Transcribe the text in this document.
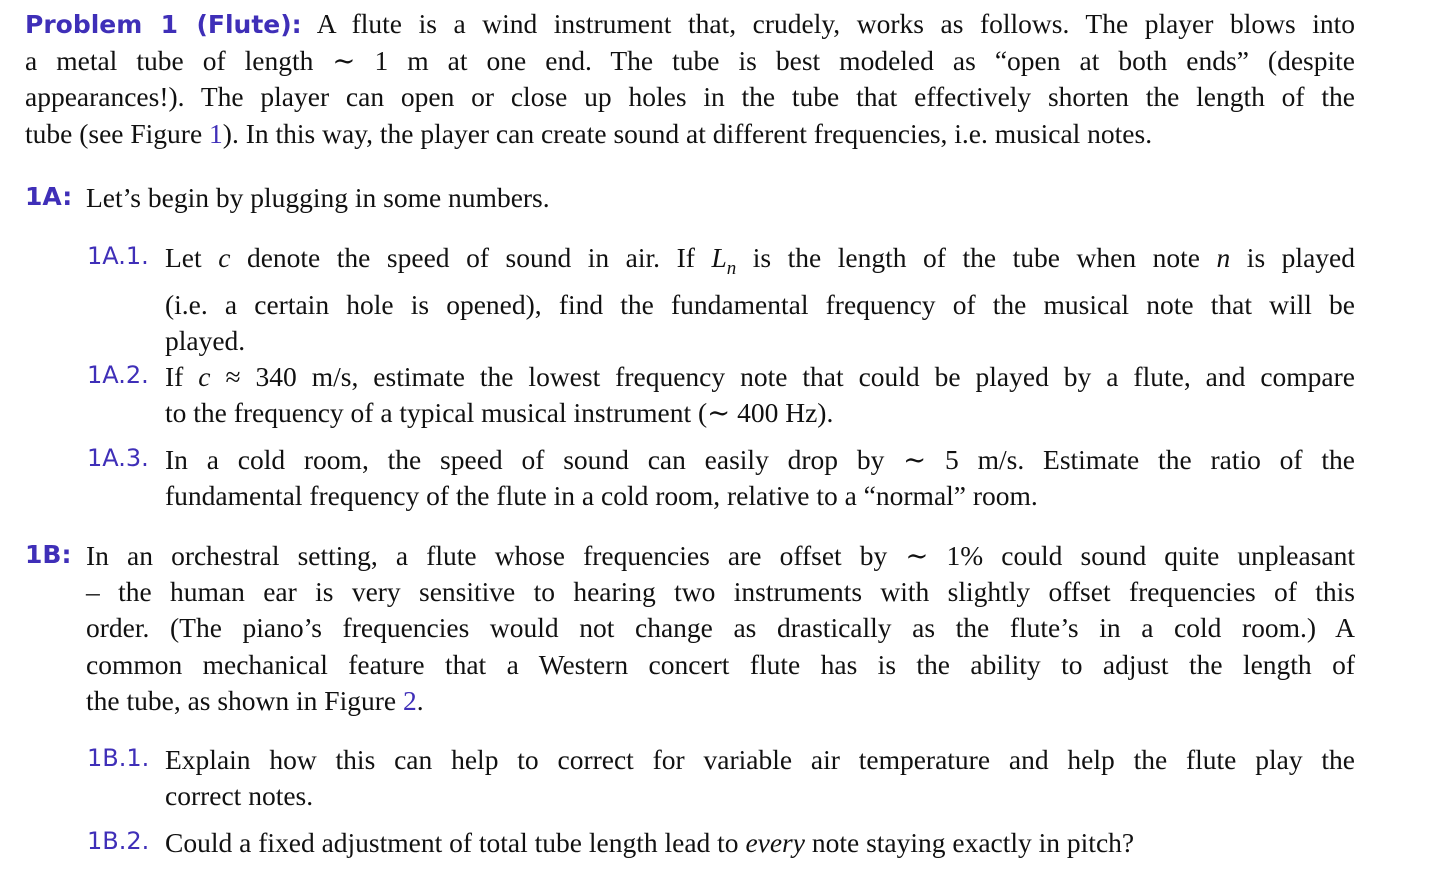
Problem 1 (Flute): A flute is a wind instrument that, crudely, works as follows. The player blows into
a metal tube of length ∼ 1 m at one end. The tube is best modeled as “open at both ends” (despite
appearances!). The player can open or close up holes in the tube that effectively shorten the length of the
tube (see Figure 1). In this way, the player can create sound at different frequencies, i.e. musical notes.
1A: Let’s begin by plugging in some numbers.
1A.1. Let c denote the speed of sound in air. If $L_n$ is the length of the tube when note n is played
(i.e. a certain hole is opened), find the fundamental frequency of the musical note that will be
played.
1A.2. If c ≈ 340 m/s, estimate the lowest frequency note that could be played by a flute, and compare
to the frequency of a typical musical instrument (∼ 400 Hz).
1A.3. In a cold room, the speed of sound can easily drop by ∼ 5 m/s. Estimate the ratio of the
fundamental frequency of the flute in a cold room, relative to a “normal” room.
1B: In an orchestral setting, a flute whose frequencies are offset by ∼ 1% could sound quite unpleasant
– the human ear is very sensitive to hearing two instruments with slightly offset frequencies of this
order. (The piano’s frequencies would not change as drastically as the flute’s in a cold room.) A
common mechanical feature that a Western concert flute has is the ability to adjust the length of
the tube, as shown in Figure 2.
1B.1. Explain how this can help to correct for variable air temperature and help the flute play the
correct notes.
1B.2. Could a fixed adjustment of total tube length lead to every note staying exactly in pitch?
